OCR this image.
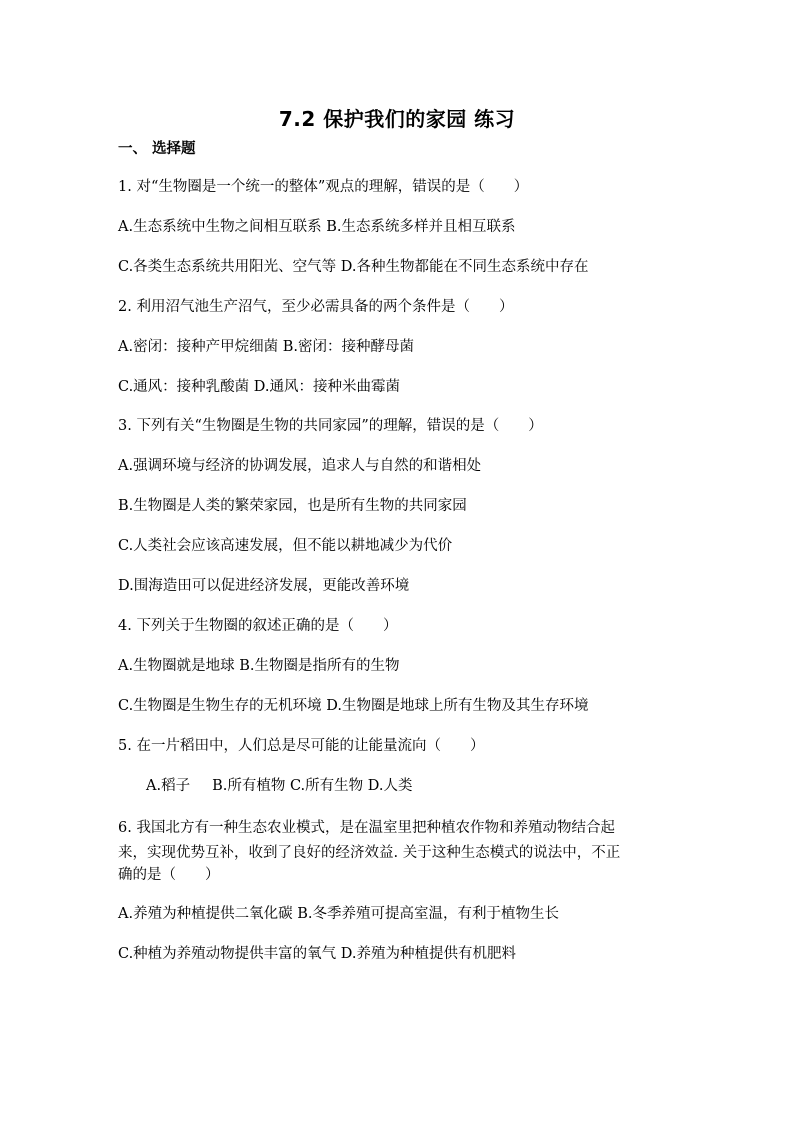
7.2 保护我们的家园 练习
一、 选择题
1. 对“生物圈是一个统一的整体”观点的理解，错误的是（　　）
A.生态系统中生物之间相互联系 B.生态系统多样并且相互联系
C.各类生态系统共用阳光、空气等 D.各种生物都能在不同生态系统中存在
2. 利用沼气池生产沼气，至少必需具备的两个条件是（　　）
A.密闭：接种产甲烷细菌 B.密闭：接种酵母菌
C.通风：接种乳酸菌 D.通风：接种米曲霉菌
3. 下列有关“生物圈是生物的共同家园”的理解，错误的是（　　）
A.强调环境与经济的协调发展，追求人与自然的和谐相处
B.生物圈是人类的繁荣家园，也是所有生物的共同家园
C.人类社会应该高速发展，但不能以耕地减少为代价
D.围海造田可以促进经济发展，更能改善环境
4. 下列关于生物圈的叙述正确的是（　　）
A.生物圈就是地球 B.生物圈是指所有的生物
C.生物圈是生物生存的无机环境 D.生物圈是地球上所有生物及其生存环境
5. 在一片稻田中，人们总是尽可能的让能量流向（　　）
A.稻子 B.所有植物 C.所有生物 D.人类
6. 我国北方有一种生态农业模式，是在温室里把种植农作物和养殖动物结合起
来，实现优势互补，收到了良好的经济效益. 关于这种生态模式的说法中，不正
确的是（　　）
A.养殖为种植提供二氧化碳 B.冬季养殖可提高室温，有利于植物生长
C.种植为养殖动物提供丰富的氧气 D.养殖为种植提供有机肥料
